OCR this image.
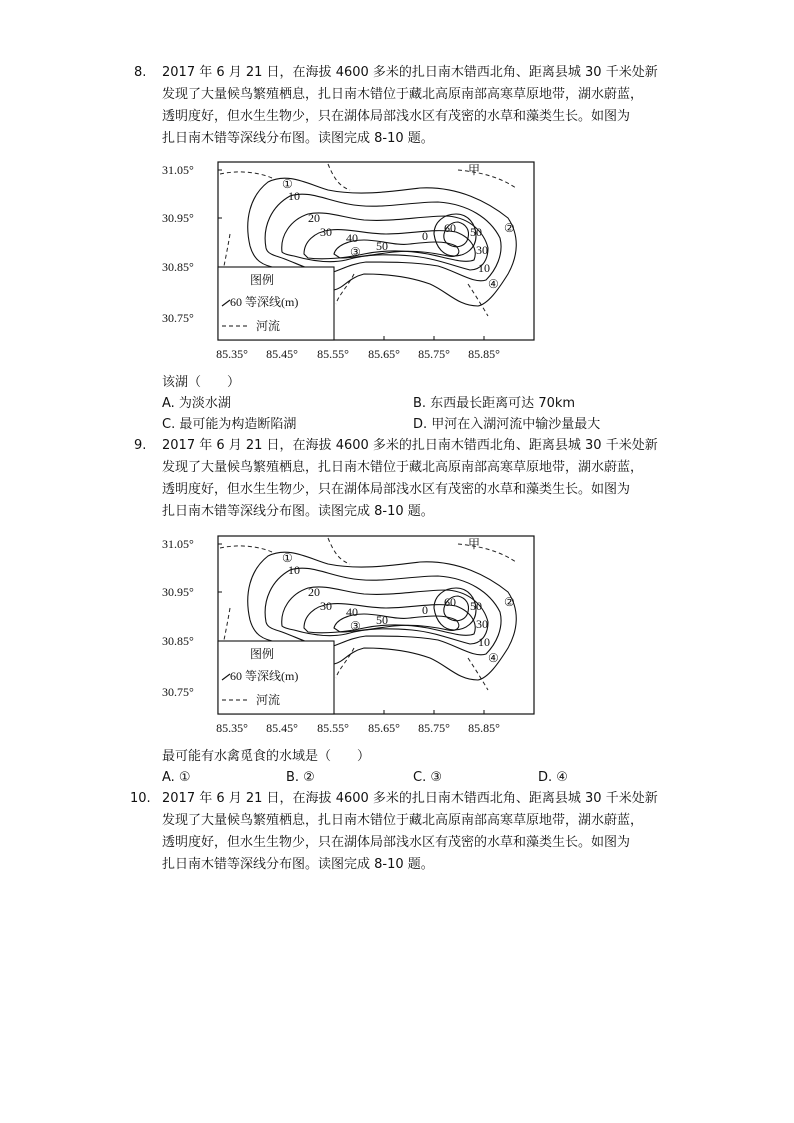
8. 2017 年 6 月 21 日，在海拔 4600 多米的扎日南木错西北角、距离县城 30 千米处新

发现了大量候鸟繁殖栖息，扎日南木错位于藏北高原南部高寒草原地带，湖水蔚蓝，

透明度好，但水生生物少，只在湖体局部浅水区有茂密的水草和藻类生长。如图为

扎日南木错等深线分布图。读图完成 8-10 题。

31.05°
30.95°
30.85°
30.75°
85.35° 85.45° 85.55° 85.65° 85.75° 85.85°
10
20
30 40
50
60 50
30
10
0
①
②
③
④
甲
图例
60 等深线(m)
河流
该湖（　　）
A. 为淡水湖	B. 东西最长距离可达 70km
C. 最可能为构造断陷湖	D. 甲河在入湖河流中输沙量最大
9. 2017 年 6 月 21 日，在海拔 4600 多米的扎日南木错西北角、距离县城 30 千米处新

发现了大量候鸟繁殖栖息，扎日南木错位于藏北高原南部高寒草原地带，湖水蔚蓝，

透明度好，但水生生物少，只在湖体局部浅水区有茂密的水草和藻类生长。如图为

扎日南木错等深线分布图。读图完成 8-10 题。

31.05°
30.95°
30.85°
30.75°
85.35° 85.45° 85.55° 85.65° 85.75° 85.85°
10
20
30 40
50
60 50
30
10
0
①
②
③
④
甲
图例
60 等深线(m)
河流
最可能有水禽觅食的水域是（　　）
A. ①	B. ②	C. ③	D. ④
10. 2017 年 6 月 21 日，在海拔 4600 多米的扎日南木错西北角、距离县城 30 千米处新

发现了大量候鸟繁殖栖息，扎日南木错位于藏北高原南部高寒草原地带，湖水蔚蓝，

透明度好，但水生生物少，只在湖体局部浅水区有茂密的水草和藻类生长。如图为

扎日南木错等深线分布图。读图完成 8-10 题。
